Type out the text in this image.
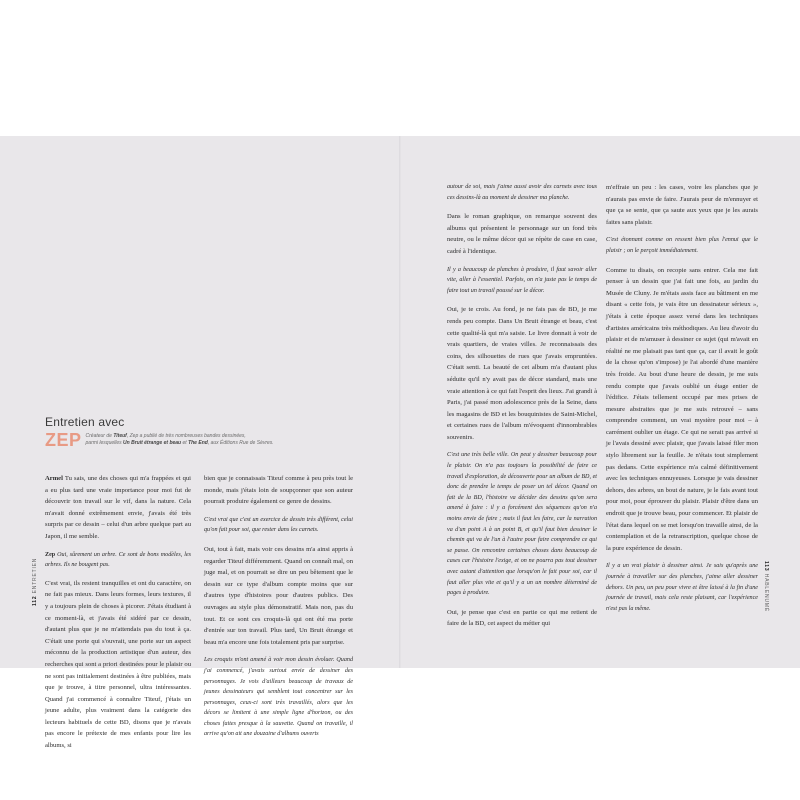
Entretien avec
ZEP Créateur de Titeuf, Zep a publié de très nombreuses bandes dessinées,
parmi lesquelles Un Bruit étrange et beau et The End, aux Éditions Rue de Sèvres.

Armel Tu sais, une des choses qui m'a frappées et qui a eu plus tard une vraie importance pour moi fut de découvrir ton travail sur le vif, dans la nature. Cela m'avait donné extrêmement envie, j'avais été très surpris par ce dessin – celui d'un arbre quelque part au Japon, il me semble.

Zep Oui, sûrement un arbre. Ce sont de bons modèles, les arbres. Ils ne bougent pas.

C'est vrai, ils restent tranquilles et ont du caractère, on ne fait pas mieux. Dans leurs formes, leurs textures, il y a toujours plein de choses à picorer. J'étais étudiant à ce moment-là, et j'avais été sidéré par ce dessin, d'autant plus que je ne m'attendais pas du tout à ça. C'était une porte qui s'ouvrait, une porte sur un aspect méconnu de la production artistique d'un auteur, des recherches qui sont a priori destinées pour le plaisir ou ne sont pas initialement destinées à être publiées, mais que je trouve, à titre personnel, ultra intéressantes. Quand j'ai commencé à connaître Titeuf, j'étais un jeune adulte, plus vraiment dans la catégorie des lecteurs habituels de cette BD, disons que je n'avais pas encore le prétexte de mes enfants pour lire les albums, si

bien que je connaissais Titeuf comme à peu près tout le monde, mais j'étais loin de soupçonner que son auteur pourrait produire également ce genre de dessins.

C'est vrai que c'est un exercice de dessin très différent, celui qu'on fait pour soi, que rester dans les carnets.

Oui, tout à fait, mais voir ces dessins m'a ainsi appris à regarder Titeuf différemment. Quand on connaît mal, on juge mal, et on pourrait se dire un peu bêtement que le dessin sur ce type d'album compte moins que sur d'autres type d'histoires pour d'autres publics. Des ouvrages au style plus démonstratif. Mais non, pas du tout. Et ce sont ces croquis-là qui ont été ma porte d'entrée sur ton travail. Plus tard, Un Bruit étrange et beau m'a encore une fois totalement pris par surprise.

Les croquis m'ont amené à voir mon dessin évoluer. Quand j'ai commencé, j'avais surtout envie de dessiner des personnages. Je vois d'ailleurs beaucoup de travaux de jeunes dessinateurs qui semblent tout concentrer sur les personnages, ceux-ci sont très travaillés, alors que les décors se limitent à une simple ligne d'horizon, ou des choses faites presque à la sauvette. Quand on travaille, il arrive qu'on ait une douzaine d'albums ouverts

autour de soi, mais j'aime aussi avoir des carnets avec tous ces dessins-là au moment de dessiner ma planche.

Dans le roman graphique, on remarque souvent des albums qui présentent le personnage sur un fond très neutre, ou le même décor qui se répète de case en case, cadré à l'identique.

Il y a beaucoup de planches à produire, il faut savoir aller vite, aller à l'essentiel. Parfois, on n'a juste pas le temps de faire tout un travail poussé sur le décor.

Oui, je te crois. Au fond, je ne fais pas de BD, je me rends peu compte. Dans Un Bruit étrange et beau, c'est cette qualité-là qui m'a saisie. Le livre donnait à voir de vrais quartiers, de vraies villes. Je reconnaissais des coins, des silhouettes de rues que j'avais empruntées. C'était senti. La beauté de cet album m'a d'autant plus séduite qu'il n'y avait pas de décor standard, mais une vraie attention à ce qui fait l'esprit des lieux. J'ai grandi à Paris, j'ai passé mon adolescence près de la Seine, dans les magasins de BD et les bouquinistes de Saint-Michel, et certaines rues de l'album m'évoquent d'innombrables souvenirs.

C'est une très belle ville. On peut y dessiner beaucoup pour le plaisir. On n'a pas toujours la possibilité de faire ce travail d'exploration, de découverte pour un album de BD, et donc de prendre le temps de poser un tel décor. Quand on fait de la BD, l'histoire va décider des dessins qu'on sera amené à faire : il y a forcément des séquences qu'on n'a moins envie de faire ; mais il faut les faire, car la narration va d'un point A à un point B, et qu'il faut bien dessiner le chemin qui va de l'un à l'autre pour faire comprendre ce qui se passe. On rencontre certaines choses dans beaucoup de cases car l'histoire l'exige, et on ne pourra pas tout dessiner avec autant d'attention que lorsqu'on le fait pour soi, car il faut aller plus vite et qu'il y a un un nombre déterminé de pages à produire.

Oui, je pense que c'est en partie ce qui me retient de faire de la BD, cet aspect du métier qui

m'effraie un peu : les cases, voire les planches que je n'aurais pas envie de faire. J'aurais peur de m'ennuyer et que ça se sente, que ça saute aux yeux que je les aurais faites sans plaisir.

C'est étonnant comme on ressent bien plus l'ennui que le plaisir ; on le perçoit immédiatement.

Comme tu disais, on recopie sans entrer. Cela me fait penser à un dessin que j'ai fait une fois, au jardin du Musée de Cluny. Je m'étais assis face au bâtiment en me disant « cette fois, je vais être un dessinateur sérieux », j'étais à cette époque assez versé dans les techniques d'artistes américains très méthodiques. Au lieu d'avoir du plaisir et de m'amuser à dessiner ce sujet (qui m'avait en réalité ne me plaisait pas tant que ça, car il avait le goût de la chose qu'on s'impose) je l'ai abordé d'une manière très froide. Au bout d'une heure de dessin, je me suis rendu compte que j'avais oublié un étage entier de l'édifice. J'étais tellement occupé par mes prises de mesure abstraites que je me suis retrouvé – sans comprendre comment, un vrai mystère pour moi – à carrément oublier un étage. Ce qui ne serait pas arrivé si je l'avais dessiné avec plaisir, que j'avais laissé filer mon stylo librement sur la feuille. Je n'étais tout simplement pas dedans. Cette expérience m'a calmé définitivement avec les techniques ennuyeuses. Lorsque je vais dessiner dehors, des arbres, un bout de nature, je le fais avant tout pour moi, pour éprouver du plaisir. Plaisir d'être dans un endroit que je trouve beau, pour commencer. Et plaisir de l'état dans lequel on se met lorsqu'on travaille ainsi, de la contemplation et de la retranscription, quelque chose de la pure expérience de dessin.

Il y a un vrai plaisir à dessiner ainsi. Je sais qu'après une journée à travailler sur des planches, j'aime aller dessiner dehors. Un peu, un peu pour vivre et être laissé à la fin d'une journée de travail, mais cela reste plaisant, car l'expérience n'est pas la même.

112 ENTRETIEN	113 HABLENUMÉ
